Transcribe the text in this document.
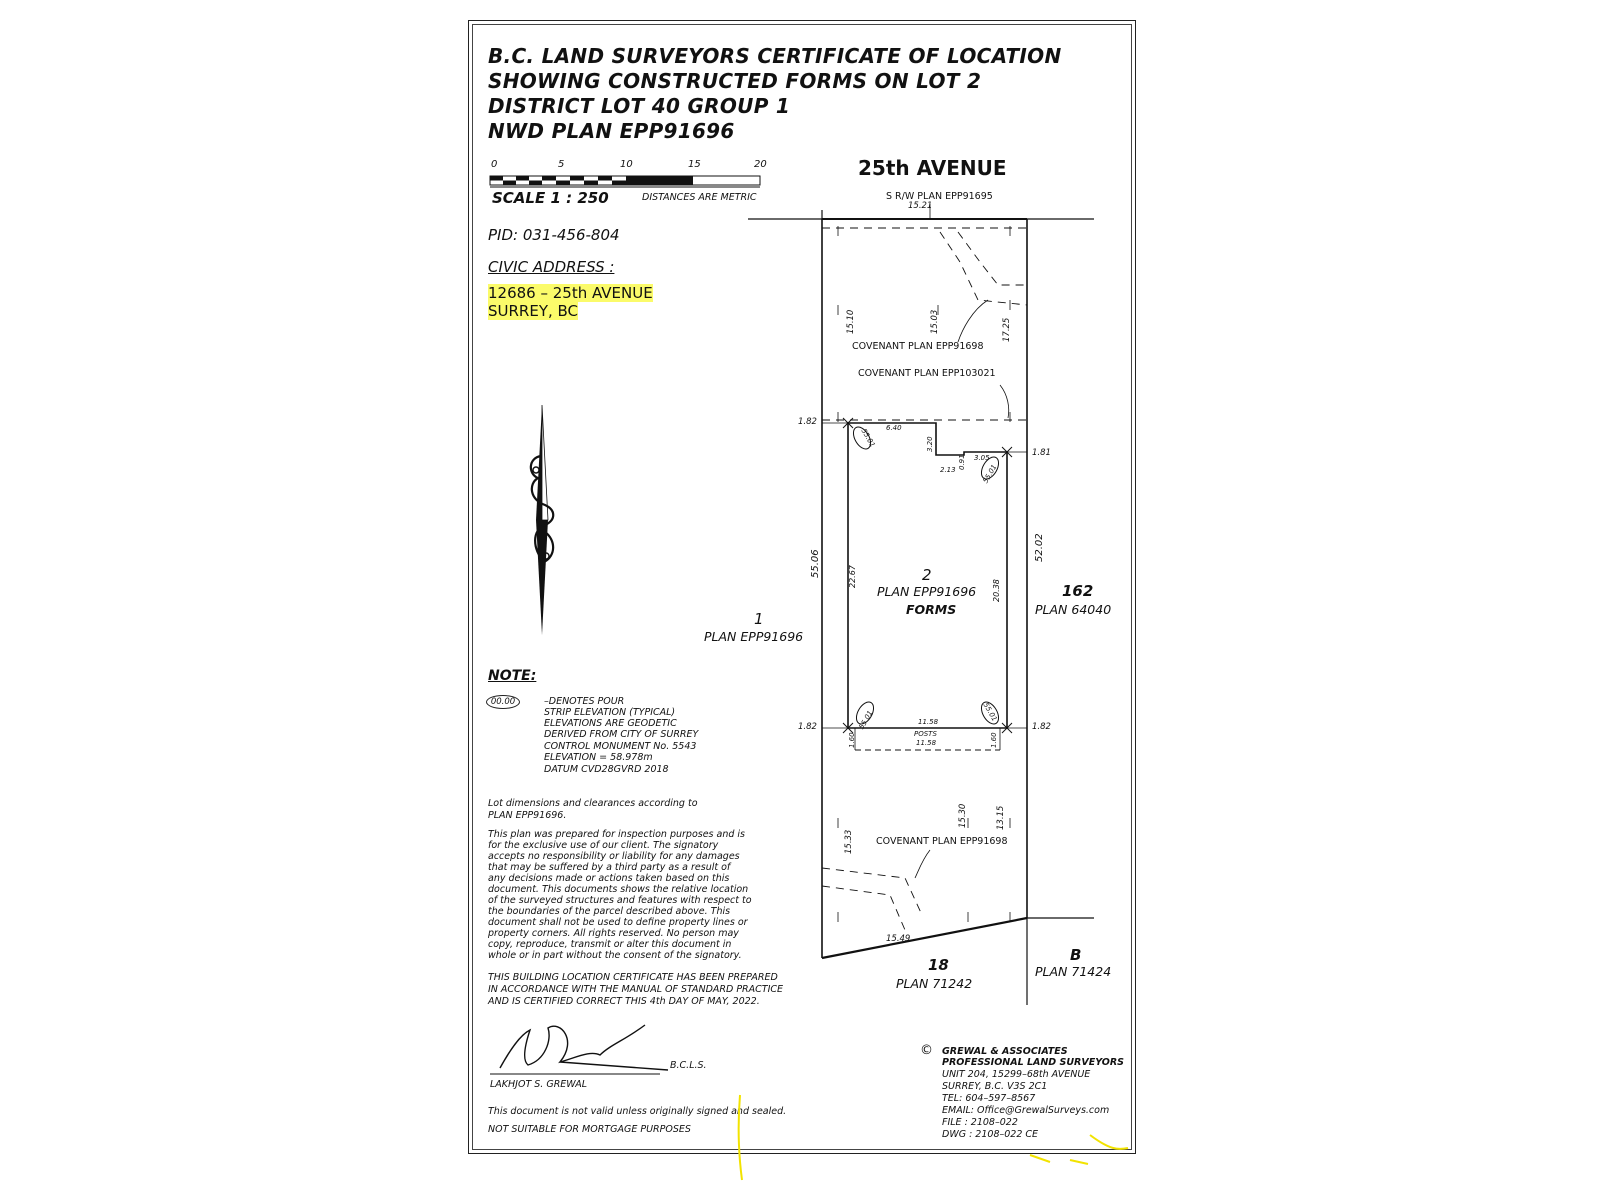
B.C. LAND SURVEYORS CERTIFICATE OF LOCATION
SHOWING CONSTRUCTED FORMS ON LOT 2
DISTRICT LOT 40 GROUP 1
NWD PLAN EPP91696
0	5	10	15	20
SCALE 1 : 250	DISTANCES ARE METRIC
PID: 031-456-804
CIVIC ADDRESS :
12686 – 25th AVENUE
SURREY, BC
NOTE:
00.00	–DENOTES POUR
STRIP ELEVATION (TYPICAL)
ELEVATIONS ARE GEODETIC
DERIVED FROM CITY OF SURREY
CONTROL MONUMENT No. 5543
ELEVATION = 58.978m
DATUM CVD28GVRD 2018
Lot dimensions and clearances according to
PLAN EPP91696.
This plan was prepared for inspection purposes and is
for the exclusive use of our client. The signatory
accepts no responsibility or liability for any damages
that may be suffered by a third party as a result of
any decisions made or actions taken based on this
document. This documents shows the relative location
of the surveyed structures and features with respect to
the boundaries of the parcel described above. This
document shall not be used to define property lines or
property corners. All rights reserved. No person may
copy, reproduce, transmit or alter this document in
whole or in part without the consent of the signatory.
THIS BUILDING LOCATION CERTIFICATE HAS BEEN PREPARED
IN ACCORDANCE WITH THE MANUAL OF STANDARD PRACTICE
AND IS CERTIFIED CORRECT THIS 4th DAY OF MAY, 2022.
LAKHJOT S. GREWAL
B.C.L.S.
This document is not valid unless originally signed and sealed.
NOT SUITABLE FOR MORTGAGE PURPOSES
© GREWAL & ASSOCIATES
PROFESSIONAL LAND SURVEYORS
UNIT 204, 15299–68th AVENUE
SURREY, B.C. V3S 2C1
TEL: 604–597–8567
EMAIL: Office@GrewalSurveys.com
FILE : 2108–022
DWG : 2108–022 CE
25th AVENUE
S R/W PLAN EPP91695
15.21
15.10	15.03	17.25
COVENANT PLAN EPP91698
COVENANT PLAN EPP103021
1.82
6.40
3.20
2.13 0.91 3.05	1.81
55.01
55.01
55.01	55.01
55.06	22.67
20.38
52.02
2
PLAN EPP91696
FORMS
162
PLAN 64040
1
PLAN EPP91696
1.82	11.58
POSTS
11.58
1.60	1.60
1.82
15.33
15.30	13.15
COVENANT PLAN EPP91698
15.49
18
PLAN 71242
B
PLAN 71424
